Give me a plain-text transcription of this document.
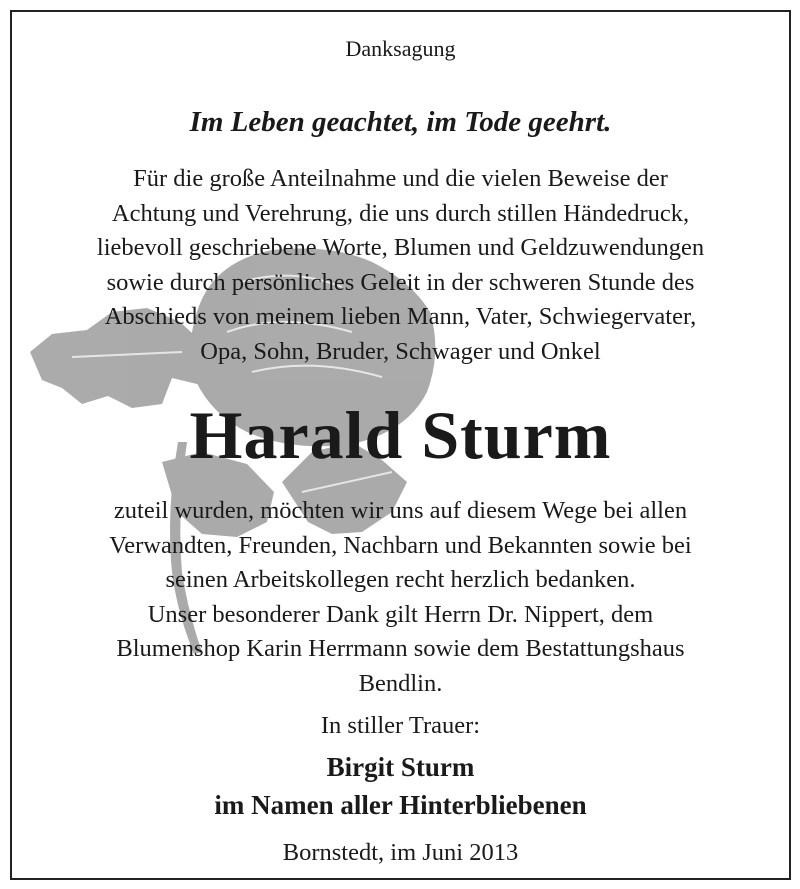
Danksagung
Im Leben geachtet, im Tode geehrt.
Für die große Anteilnahme und die vielen Beweise der
Achtung und Verehrung, die uns durch stillen Händedruck,
liebevoll geschriebene Worte, Blumen und Geldzuwendungen
sowie durch persönliches Geleit in der schweren Stunde des
Abschieds von meinem lieben Mann, Vater, Schwiegervater,
Opa, Sohn, Bruder, Schwager und Onkel
Harald Sturm
zuteil wurden, möchten wir uns auf diesem Wege bei allen
Verwandten, Freunden, Nachbarn und Bekannten sowie bei
seinen Arbeitskollegen recht herzlich bedanken.
Unser besonderer Dank gilt Herrn Dr. Nippert, dem
Blumenshop Karin Herrmann sowie dem Bestattungshaus
Bendlin.
In stiller Trauer:
Birgit Sturm
im Namen aller Hinterbliebenen
Bornstedt, im Juni 2013
